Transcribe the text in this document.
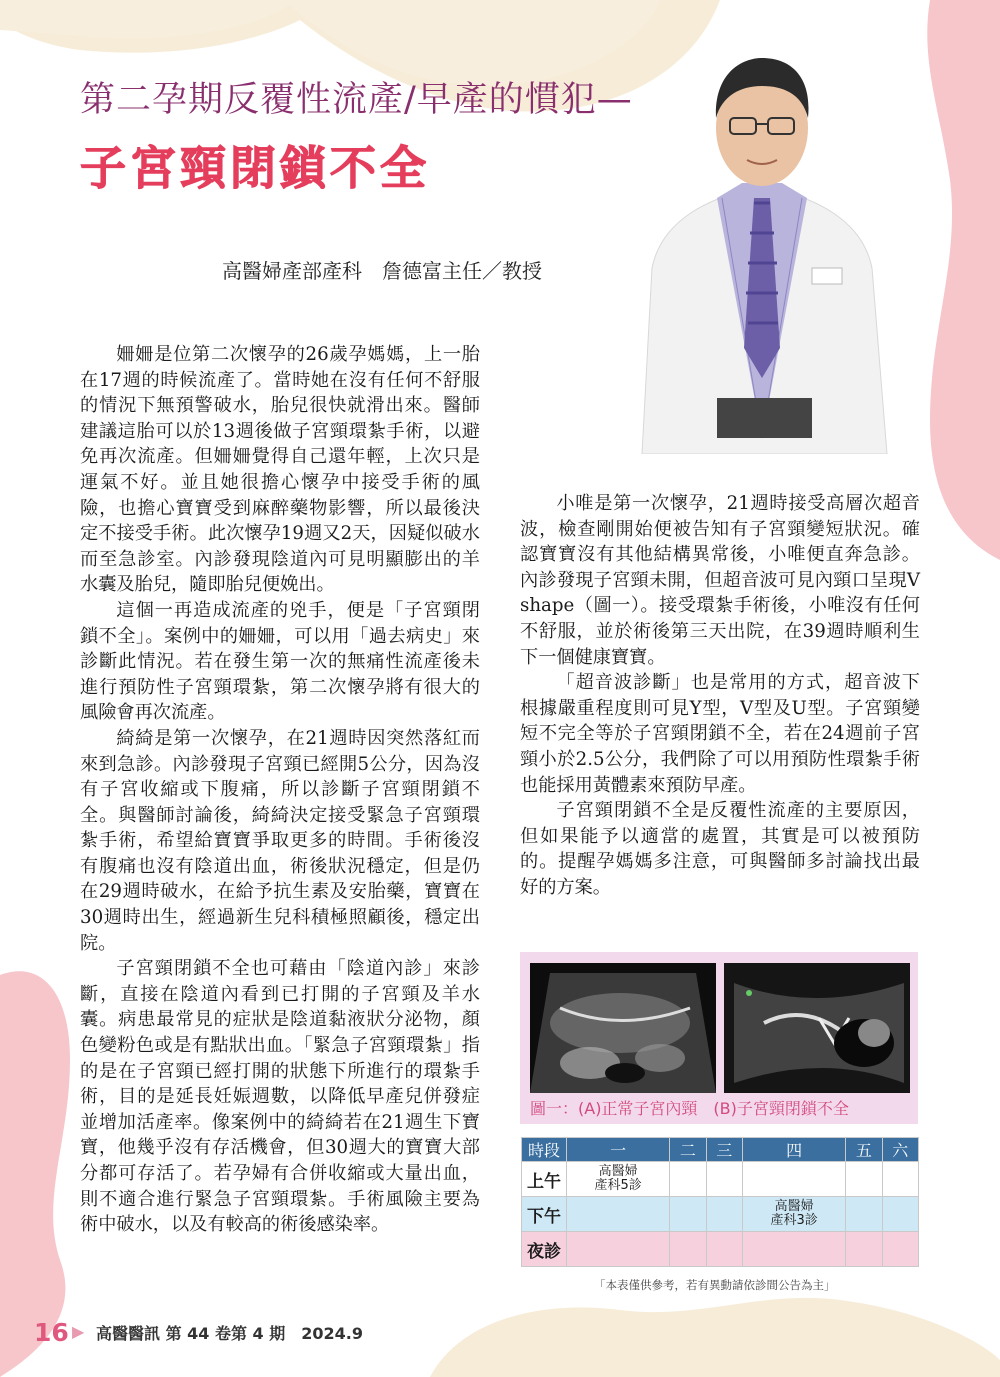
第二孕期反覆性流產/早產的慣犯—
子宮頸閉鎖不全
高醫婦產部產科　詹德富主任／教授

姍姍是位第二次懷孕的26歲孕媽媽，上一胎在17週的時候流產了。當時她在沒有任何不舒服的情況下無預警破水，胎兒很快就滑出來。醫師建議這胎可以於13週後做子宮頸環紮手術，以避免再次流產。但姍姍覺得自己還年輕，上次只是運氣不好。並且她很擔心懷孕中接受手術的風險，也擔心寶寶受到麻醉藥物影響，所以最後決定不接受手術。此次懷孕19週又2天，因疑似破水而至急診室。內診發現陰道內可見明顯膨出的羊水囊及胎兒，隨即胎兒便娩出。

這個一再造成流產的兇手，便是「子宮頸閉鎖不全」。案例中的姍姍，可以用「過去病史」來診斷此情況。若在發生第一次的無痛性流產後未進行預防性子宮頸環紮，第二次懷孕將有很大的風險會再次流產。

綺綺是第一次懷孕，在21週時因突然落紅而來到急診。內診發現子宮頸已經開5公分，因為沒有子宮收縮或下腹痛，所以診斷子宮頸閉鎖不全。與醫師討論後，綺綺決定接受緊急子宮頸環紮手術，希望給寶寶爭取更多的時間。手術後沒有腹痛也沒有陰道出血，術後狀況穩定，但是仍在29週時破水，在給予抗生素及安胎藥，寶寶在30週時出生，經過新生兒科積極照顧後，穩定出院。

子宮頸閉鎖不全也可藉由「陰道內診」來診斷，直接在陰道內看到已打開的子宮頸及羊水囊。病患最常見的症狀是陰道黏液狀分泌物，顏色變粉色或是有點狀出血。「緊急子宮頸環紮」指的是在子宮頸已經打開的狀態下所進行的環紮手術，目的是延長妊娠週數，以降低早產兒併發症並增加活產率。像案例中的綺綺若在21週生下寶寶，他幾乎沒有存活機會，但30週大的寶寶大部分都可存活了。若孕婦有合併收縮或大量出血，則不適合進行緊急子宮頸環紮。手術風險主要為術中破水，以及有較高的術後感染率。

小唯是第一次懷孕，21週時接受高層次超音波，檢查剛開始便被告知有子宮頸變短狀況。確認寶寶沒有其他結構異常後，小唯便直奔急診。內診發現子宮頸未開，但超音波可見內頸口呈現V shape（圖一）。接受環紮手術後，小唯沒有任何不舒服，並於術後第三天出院，在39週時順利生下一個健康寶寶。

「超音波診斷」也是常用的方式，超音波下根據嚴重程度則可見Y型，V型及U型。子宮頸變短不完全等於子宮頸閉鎖不全，若在24週前子宮頸小於2.5公分，我們除了可以用預防性環紮手術也能採用黃體素來預防早產。

子宮頸閉鎖不全是反覆性流產的主要原因，但如果能予以適當的處置，其實是可以被預防的。提醒孕媽媽多注意，可與醫師多討論找出最好的方案。

圖一：(A)正常子宮內頸　(B)子宮頸閉鎖不全
時段	一	二	三	四	五	六
上午	高醫婦
產科5診					
下午				高醫婦
產科3診		
夜診						
「本表僅供參考，若有異動請依診間公告為主」
16 ▶ 高醫醫訊 第 44 卷第 4 期　2024.9
